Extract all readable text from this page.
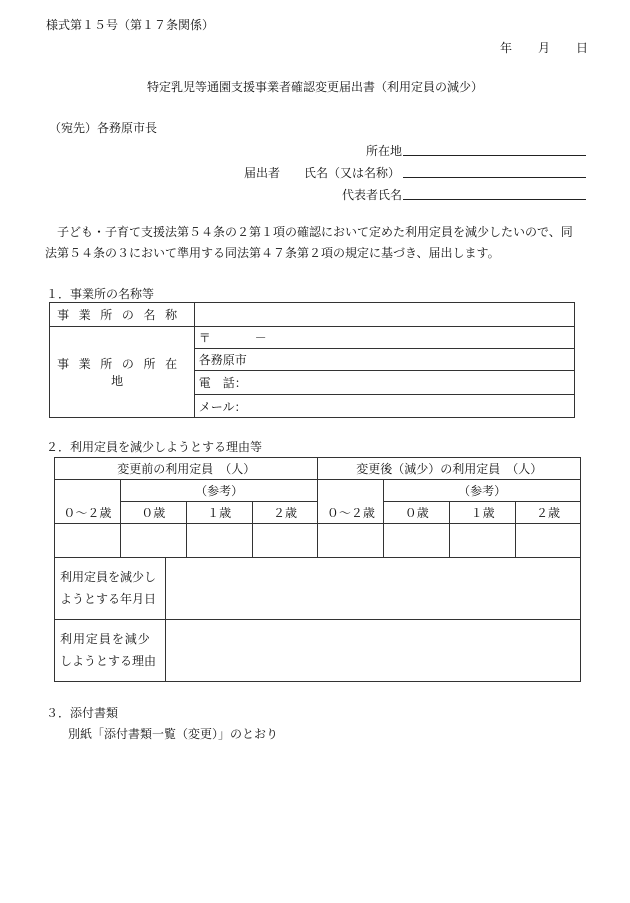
様式第１５号（第１７条関係）
年 月 日
特定乳児等通園支援事業者確認変更届出書（利用定員の減少）
（宛先）各務原市長
所在地
届出者 氏名（又は名称）
代表者氏名
子ども・子育て支援法第５４条の２第１項の確認において定めた利用定員を減少したいので、同
法第５４条の３において準用する同法第４７条第２項の規定に基づき、届出します。
１．事業所の名称等
事業所の名称	
事業所の所在地	〒 －
	各務原市
	電　話：
	メール：
２．利用定員を減少しようとする理由等
変更前の利用定員　（人）				変更後（減少）の利用定員　（人）			
	（参考）				（参考）		
０～２歳	０歳	１歳	２歳	０～２歳	０歳	１歳	２歳

利用定員を減少し
ようとする年月日	

利用定員を減少
しようとする理由	

３．添付書類
別紙「添付書類一覧（変更）」のとおり
